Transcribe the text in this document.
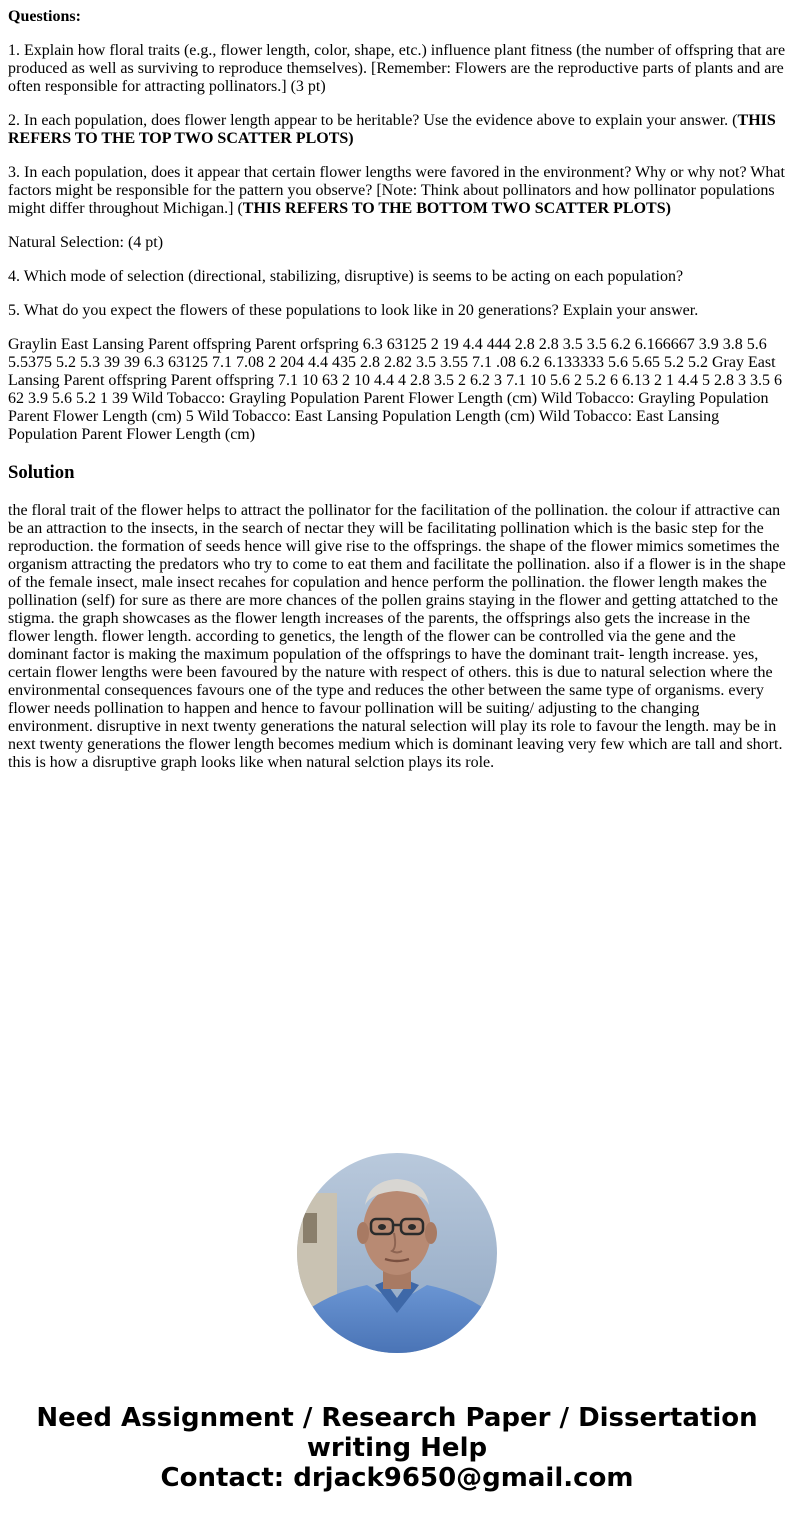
Questions:

1. Explain how floral traits (e.g., flower length, color, shape, etc.) influence plant fitness (the number of offspring that are produced as well as surviving to reproduce themselves). [Remember: Flowers are the reproductive parts of plants and are often responsible for attracting pollinators.] (3 pt)

2. In each population, does flower length appear to be heritable? Use the evidence above to explain your answer. (THIS REFERS TO THE TOP TWO SCATTER PLOTS)

3. In each population, does it appear that certain flower lengths were favored in the environment? Why or why not? What factors might be responsible for the pattern you observe? [Note: Think about pollinators and how pollinator populations might differ throughout Michigan.] (THIS REFERS TO THE BOTTOM TWO SCATTER PLOTS)

Natural Selection: (4 pt)

4. Which mode of selection (directional, stabilizing, disruptive) is seems to be acting on each population?

5. What do you expect the flowers of these populations to look like in 20 generations? Explain your answer.

Graylin East Lansing Parent offspring Parent orfspring 6.3 63125 2 19 4.4 444 2.8 2.8 3.5 3.5 6.2 6.166667 3.9 3.8 5.6 5.5375 5.2 5.3 39 39 6.3 63125 7.1 7.08 2 204 4.4 435 2.8 2.82 3.5 3.55 7.1 .08 6.2 6.133333 5.6 5.65 5.2 5.2 Gray East Lansing Parent offspring Parent offspring 7.1 10 63 2 10 4.4 4 2.8 3.5 2 6.2 3 7.1 10 5.6 2 5.2 6 6.13 2 1 4.4 5 2.8 3 3.5 6 62 3.9 5.6 5.2 1 39 Wild Tobacco: Grayling Population Parent Flower Length (cm) Wild Tobacco: Grayling Population Parent Flower Length (cm) 5 Wild Tobacco: East Lansing Population Length (cm) Wild Tobacco: East Lansing Population Parent Flower Length (cm)

Solution

the floral trait of the flower helps to attract the pollinator for the facilitation of the pollination. the colour if attractive can be an attraction to the insects, in the search of nectar they will be facilitating pollination which is the basic step for the reproduction. the formation of seeds hence will give rise to the offsprings. the shape of the flower mimics sometimes the organism attracting the predators who try to come to eat them and facilitate the pollination. also if a flower is in the shape of the female insect, male insect recahes for copulation and hence perform the pollination. the flower length makes the pollination (self) for sure as there are more chances of the pollen grains staying in the flower and getting attatched to the stigma. the graph showcases as the flower length increases of the parents, the offsprings also gets the increase in the flower length. flower length. according to genetics, the length of the flower can be controlled via the gene and the dominant factor is making the maximum population of the offsprings to have the dominant trait- length increase. yes, certain flower lengths were been favoured by the nature with respect of others. this is due to natural selection where the environmental consequences favours one of the type and reduces the other between the same type of organisms. every flower needs pollination to happen and hence to favour pollination will be suiting/ adjusting to the changing environment. disruptive in next twenty generations the natural selection will play its role to favour the length. may be in next twenty generations the flower length becomes medium which is dominant leaving very few which are tall and short. this is how a disruptive graph looks like when natural selction plays its role.

Need Assignment / Research Paper / Dissertation
writing Help
Contact: drjack9650@gmail.com
